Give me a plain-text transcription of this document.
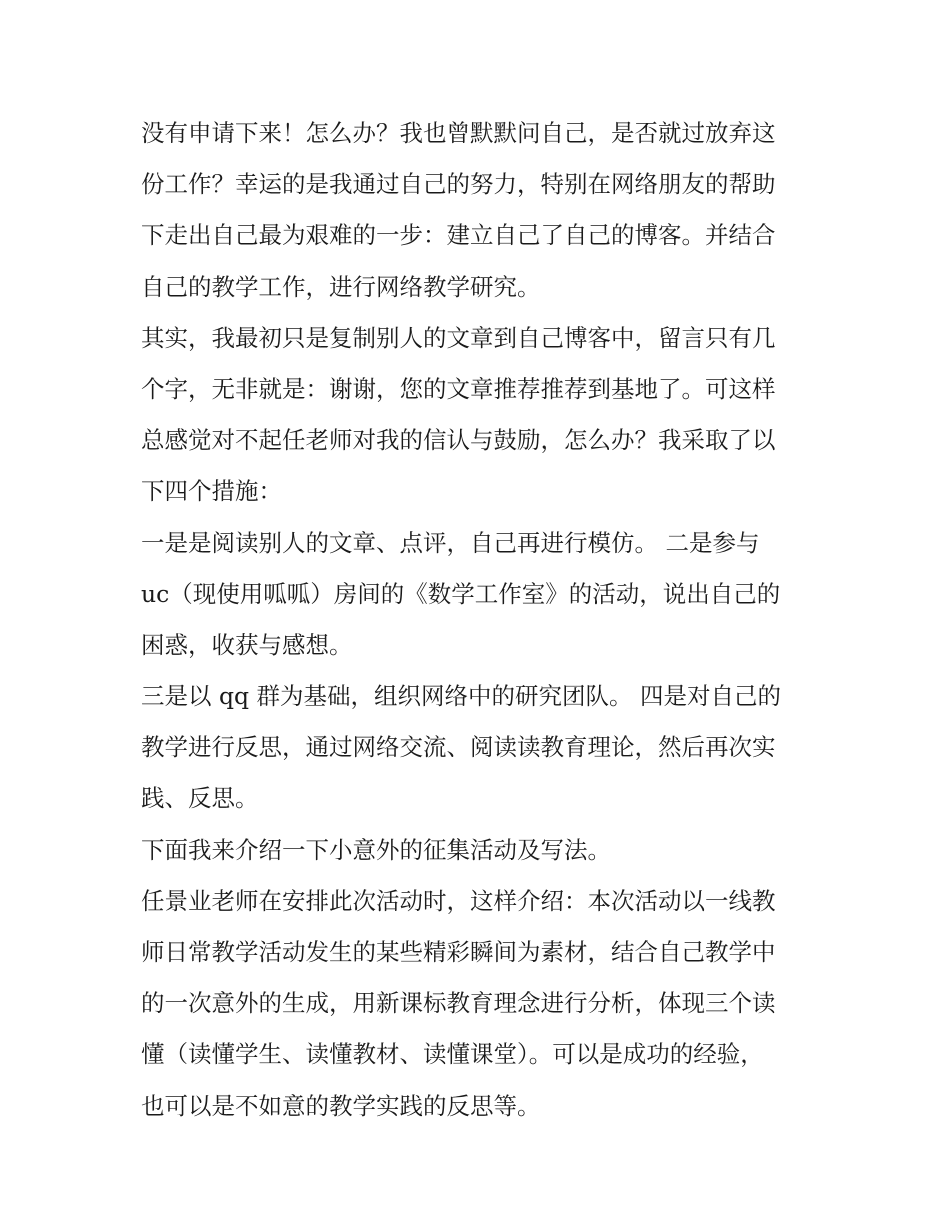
没有申请下来！怎么办？我也曾默默问自己，是否就过放弃这
份工作？幸运的是我通过自己的努力，特别在网络朋友的帮助
下走出自己最为艰难的一步：建立自己了自己的博客。并结合
自己的教学工作，进行网络教学研究。
其实，我最初只是复制别人的文章到自己博客中，留言只有几
个字，无非就是：谢谢，您的文章推荐推荐到基地了。可这样
总感觉对不起任老师对我的信认与鼓励，怎么办？我采取了以
下四个措施：
一是是阅读别人的文章、点评，自己再进行模仿。 二是参与
uc（现使用呱呱）房间的《数学工作室》的活动，说出自己的
困惑，收获与感想。
三是以 qq 群为基础，组织网络中的研究团队。 四是对自己的
教学进行反思，通过网络交流、阅读读教育理论，然后再次实
践、反思。
下面我来介绍一下小意外的征集活动及写法。
任景业老师在安排此次活动时，这样介绍：本次活动以一线教
师日常教学活动发生的某些精彩瞬间为素材，结合自己教学中
的一次意外的生成，用新课标教育理念进行分析，体现三个读
懂（读懂学生、读懂教材、读懂课堂）。可以是成功的经验，
也可以是不如意的教学实践的反思等。
